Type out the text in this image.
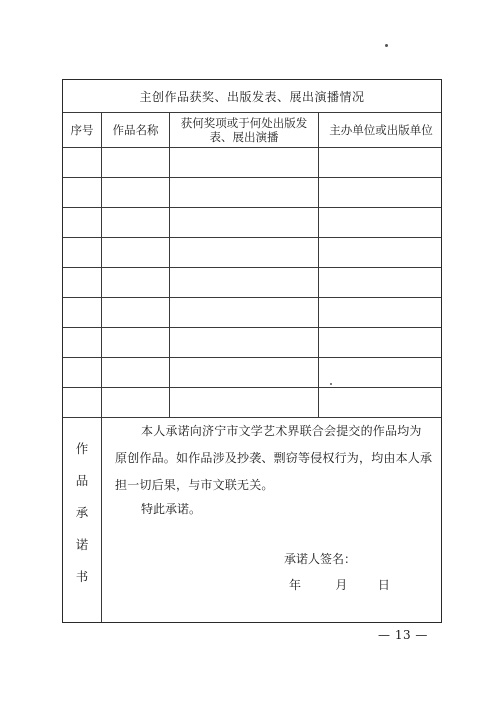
主创作品获奖、出版发表、展出演播情况
序号	作品名称	获何奖项或于何处出版发
表、展出演播	主办单位或出版单位
作
品
承
诺
书
本人承诺向济宁市文学艺术界联合会提交的作品均为原创作品。如作品涉及抄袭、剽窃等侵权行为，均由本人承担一切后果，与市文联无关。
特此承诺。
承诺人签名：
年	月	日
— 13 —
